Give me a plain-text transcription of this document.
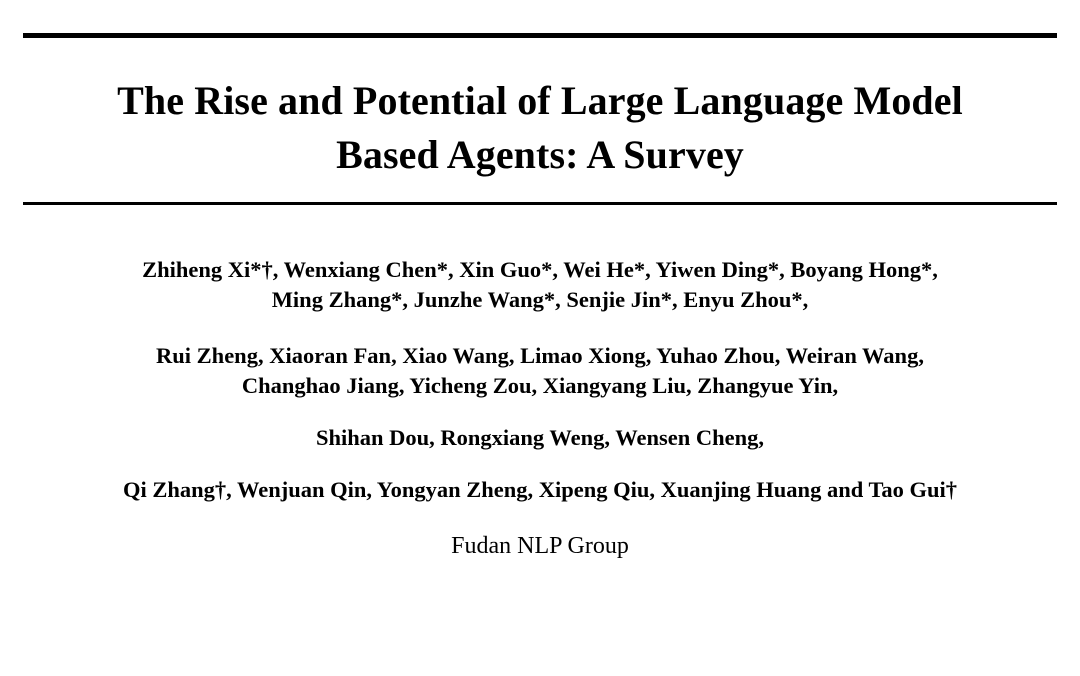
The Rise and Potential of Large Language Model
Based Agents: A Survey
Zhiheng Xi*†, Wenxiang Chen*, Xin Guo*, Wei He*, Yiwen Ding*, Boyang Hong*,
Ming Zhang*, Junzhe Wang*, Senjie Jin*, Enyu Zhou*,
Rui Zheng, Xiaoran Fan, Xiao Wang, Limao Xiong, Yuhao Zhou, Weiran Wang,
Changhao Jiang, Yicheng Zou, Xiangyang Liu, Zhangyue Yin,
Shihan Dou, Rongxiang Weng, Wensen Cheng,
Qi Zhang†, Wenjuan Qin, Yongyan Zheng, Xipeng Qiu, Xuanjing Huang and Tao Gui†
Fudan NLP Group
